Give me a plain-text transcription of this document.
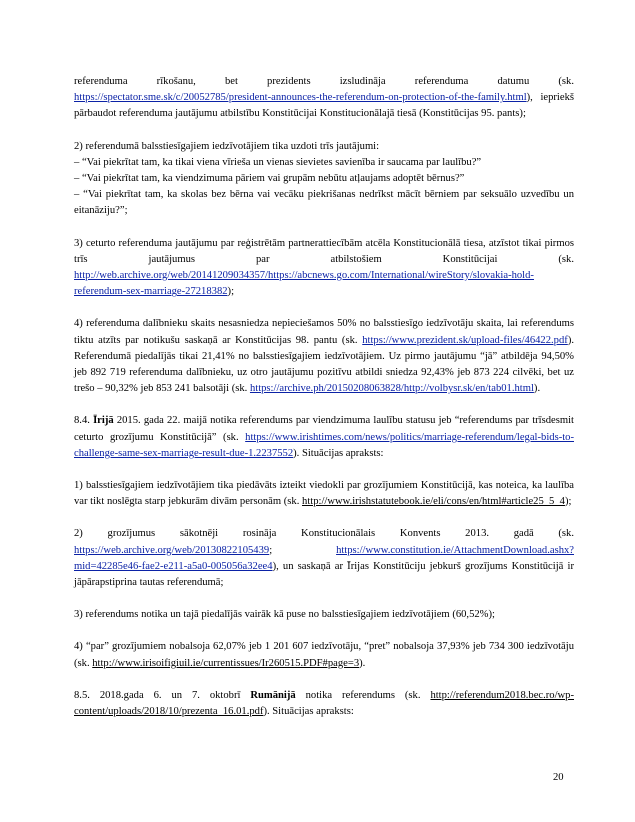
referenduma rīkošanu, bet prezidents izsludināja referenduma datumu (sk. https://spectator.sme.sk/c/20052785/president-announces-the-referendum-on-protection-of-the-family.html), iepriekš pārbaudot referenduma jautājumu atbilstību Konstitūcijai Konstitucionālajā tiesā (Konstitūcijas 95. pants);

2) referendumā balsstiesīgajiem iedzīvotājiem tika uzdoti trīs jautājumi:
– “Vai piekrītat tam, ka tikai viena vīrieša un vienas sievietes savienība ir saucama par laulību?”
– “Vai piekrītat tam, ka viendzimuma pāriem vai grupām nebūtu atļaujams adoptēt bērnus?”
– “Vai piekrītat tam, ka skolas bez bērna vai vecāku piekrišanas nedrīkst mācīt bērniem par seksuālo uzvedību un eitanāziju?”;

3) ceturto referenduma jautājumu par reģistrētām partnerattiecībām atcēla Konstitucionālā tiesa, atzīstot tikai pirmos trīs jautājumus par atbilstošiem Konstitūcijai (sk. http://web.archive.org/web/20141209034357/https://abcnews.go.com/International/wireStory/slovakia-hold-referendum-sex-marriage-27218382);

4) referenduma dalībnieku skaits nesasniedza nepieciešamos 50% no balsstiesīgo iedzīvotāju skaita, lai referendums tiktu atzīts par notikušu saskaņā ar Konstitūcijas 98. pantu (sk. https://www.prezident.sk/upload-files/46422.pdf). Referendumā piedalījās tikai 21,41% no balsstiesīgajiem iedzīvotājiem. Uz pirmo jautājumu “jā” atbildēja 94,50% jeb 892 719 referenduma dalībnieku, uz otro jautājumu pozitīvu atbildi sniedza 92,43% jeb 873 224 cilvēki, bet uz trešo – 90,32% jeb 853 241 balsotāji (sk. https://archive.ph/20150208063828/http://volbysr.sk/en/tab01.html).

8.4. Īrijā 2015. gada 22. maijā notika referendums par viendzimuma laulību statusu jeb “referendums par trīsdesmit ceturto grozījumu Konstitūcijā” (sk. https://www.irishtimes.com/news/politics/marriage-referendum/legal-bids-to-challenge-same-sex-marriage-result-due-1.2237552). Situācijas apraksts:

1) balsstiesīgajiem iedzīvotājiem tika piedāvāts izteikt viedokli par grozījumiem Konstitūcijā, kas noteica, ka laulība var tikt noslēgta starp jebkurām divām personām (sk. http://www.irishstatutebook.ie/eli/cons/en/html#article25_5_4);

2) grozījumus sākotnēji rosināja Konstitucionālais Konvents 2013. gadā (sk. https://web.archive.org/web/20130822105439; https://www.constitution.ie/AttachmentDownload.ashx?mid=42285e46-fae2-e211-a5a0-005056a32ee4), un saskaņā ar Īrijas Konstitūciju jebkurš grozījums Konstitūcijā ir jāpārapstiprina tautas referendumā;

3) referendums notika un tajā piedalījās vairāk kā puse no balsstiesīgajiem iedzīvotājiem (60,52%);

4) “par” grozījumiem nobalsoja 62,07% jeb 1 201 607 iedzīvotāju, “pret” nobalsoja 37,93% jeb 734 300 iedzīvotāju (sk. http://www.irisoifigiuil.ie/currentissues/Ir260515.PDF#page=3).

8.5. 2018.gada 6. un 7. oktobrī Rumānijā notika referendums (sk. http://referendum2018.bec.ro/wp-content/uploads/2018/10/prezenta_16.01.pdf). Situācijas apraksts:

20
